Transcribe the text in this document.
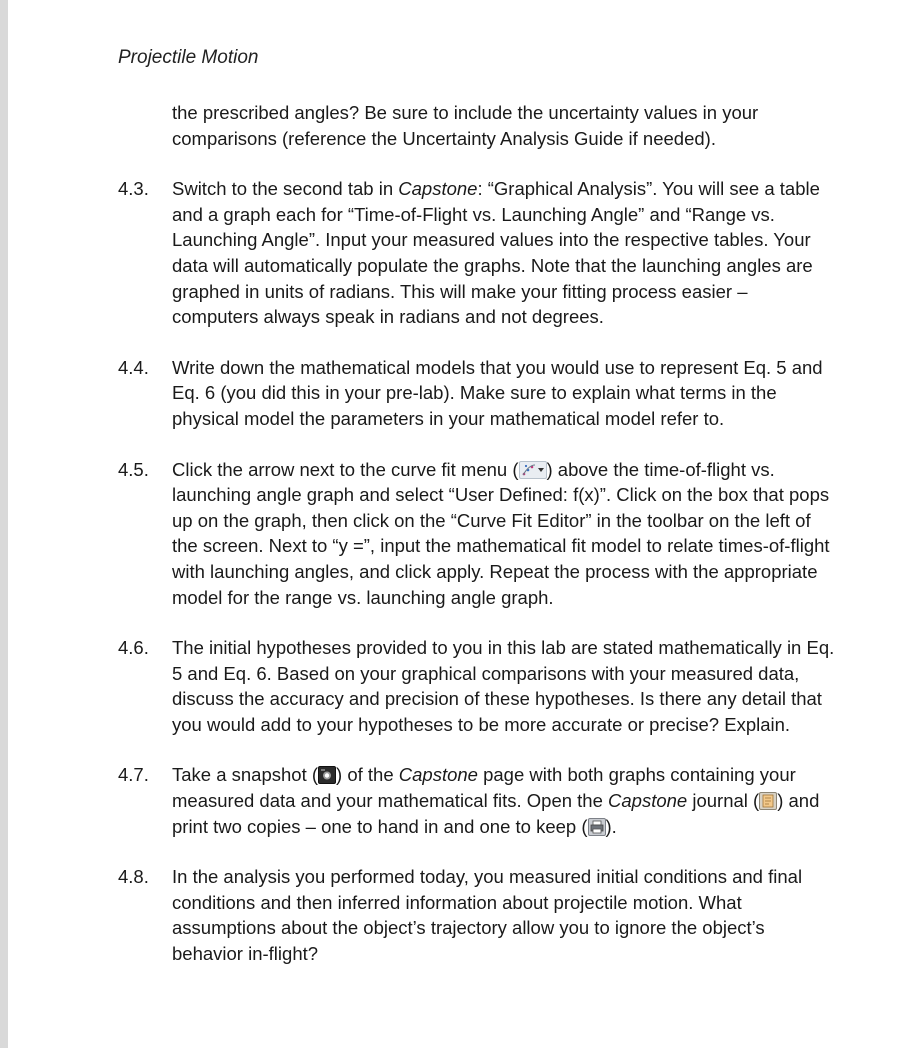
Projectile Motion
the prescribed angles? Be sure to include the uncertainty values in your comparisons (reference the Uncertainty Analysis Guide if needed).
4.3.	Switch to the second tab in Capstone: “Graphical Analysis”. You will see a table and a graph each for “Time-of-Flight vs. Launching Angle” and “Range vs. Launching Angle”. Input your measured values into the respective tables. Your data will automatically populate the graphs. Note that the launching angles are graphed in units of radians. This will make your fitting process easier – computers always speak in radians and not degrees.
4.4.	Write down the mathematical models that you would use to represent Eq. 5 and Eq. 6 (you did this in your pre-lab). Make sure to explain what terms in the physical model the parameters in your mathematical model refer to.
4.5.	Click the arrow next to the curve fit menu ( ) above the time-of-flight vs. launching angle graph and select “User Defined: f(x)”. Click on the box that pops up on the graph, then click on the “Curve Fit Editor” in the toolbar on the left of the screen. Next to “y =”, input the mathematical fit model to relate times-of-flight with launching angles, and click apply. Repeat the process with the appropriate model for the range vs. launching angle graph.
4.6.	The initial hypotheses provided to you in this lab are stated mathematically in Eq. 5 and Eq. 6. Based on your graphical comparisons with your measured data, discuss the accuracy and precision of these hypotheses. Is there any detail that you would add to your hypotheses to be more accurate or precise? Explain.
4.7.	Take a snapshot ( ) of the Capstone page with both graphs containing your measured data and your mathematical fits. Open the Capstone journal ( ) and print two copies – one to hand in and one to keep ( ).
4.8.	In the analysis you performed today, you measured initial conditions and final conditions and then inferred information about projectile motion. What assumptions about the object’s trajectory allow you to ignore the object’s behavior in-flight?
